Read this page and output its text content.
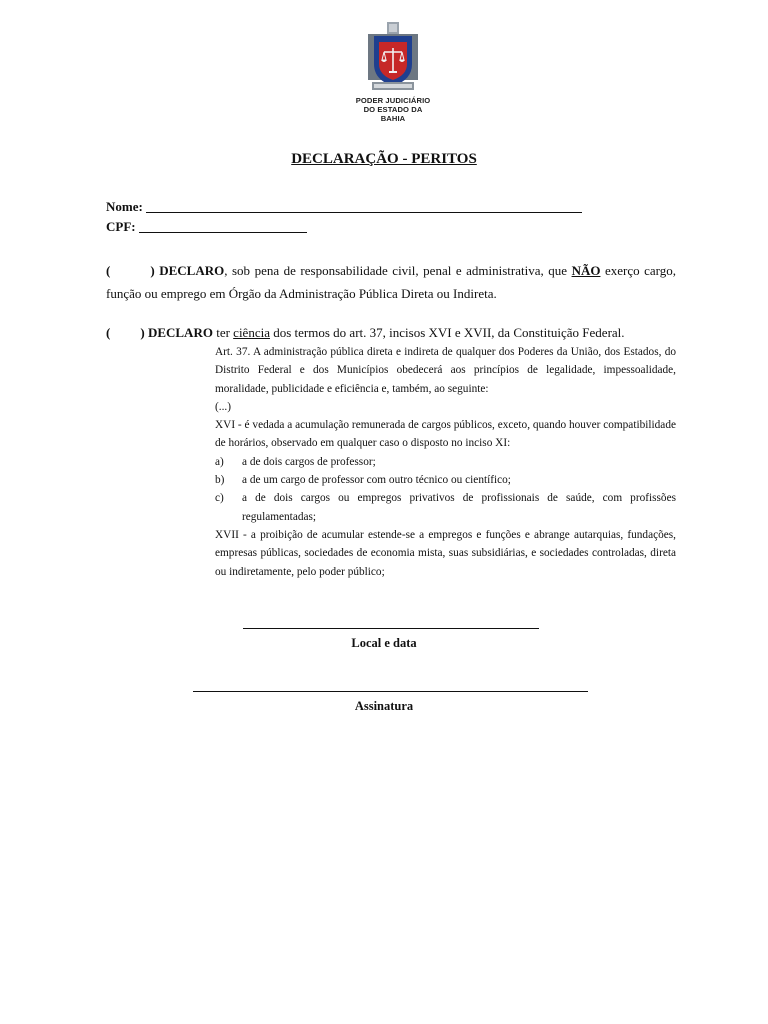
PODER JUDICIÁRIO
DO ESTADO DA BAHIA
DECLARAÇÃO - PERITOS
Nome:
CPF:
(	) DECLARO, sob pena de responsabilidade civil, penal e administrativa, que NÃO exerço cargo, função ou emprego em Órgão da Administração Pública Direta ou Indireta.
( ) DECLARO ter ciência dos termos do art. 37, incisos XVI e XVII, da Constituição Federal.

Art. 37. A administração pública direta e indireta de qualquer dos Poderes da União, dos Estados, do Distrito Federal e dos Municípios obedecerá aos princípios de legalidade, impessoalidade, moralidade, publicidade e eficiência e, também, ao seguinte:

(...)

XVI - é vedada a acumulação remunerada de cargos públicos, exceto, quando houver compatibilidade de horários, observado em qualquer caso o disposto no inciso XI:

a)	a de dois cargos de professor;
b)	a de um cargo de professor com outro técnico ou científico;
c)	a de dois cargos ou empregos privativos de profissionais de saúde, com profissões regulamentadas;

XVII - a proibição de acumular estende-se a empregos e funções e abrange autarquias, fundações, empresas públicas, sociedades de economia mista, suas subsidiárias, e sociedades controladas, direta ou indiretamente, pelo poder público;

Local e data
Assinatura
